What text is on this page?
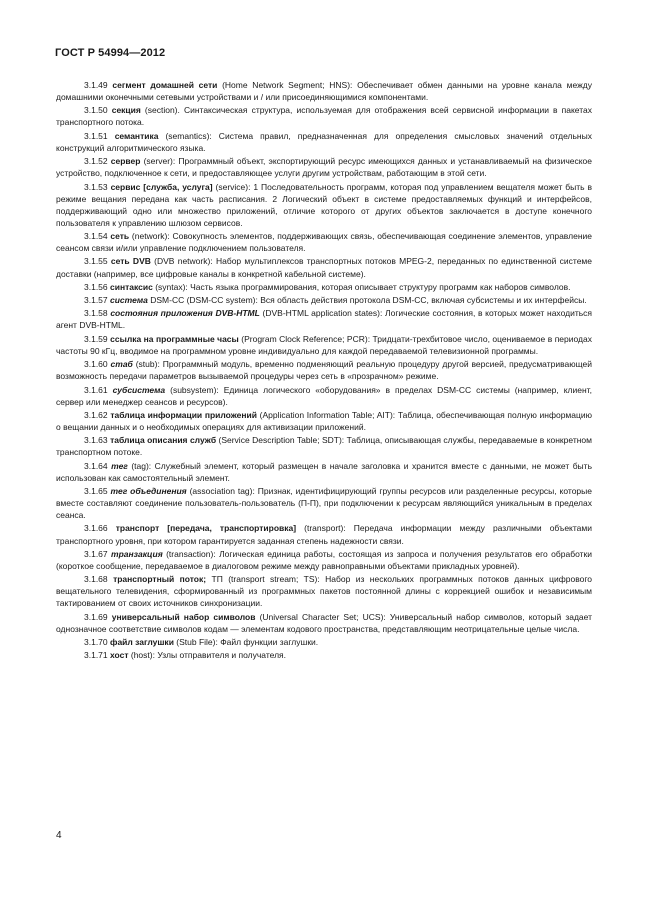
ГОСТ Р 54994—2012

3.1.49 сегмент домашней сети (Home Network Segment; HNS): Обеспечивает обмен данными на уровне канала между домашними оконечными сетевыми устройствами и / или присоединяющимися компонентами.

3.1.50 секция (section). Синтаксическая структура, используемая для отображения всей сервисной информации в пакетах транспортного потока.

3.1.51 семантика (semantics): Система правил, предназначенная для определения смысловых значений отдельных конструкций алгоритмического языка.

3.1.52 сервер (server): Программный объект, экспортирующий ресурс имеющихся данных и устанавливаемый на физическое устройство, подключенное к сети, и предоставляющее услуги другим устройствам, работающим в этой сети.

3.1.53 сервис [служба, услуга] (service): 1 Последовательность программ, которая под управлением вещателя может быть в режиме вещания передана как часть расписания. 2 Логический объект в системе предоставляемых функций и интерфейсов, поддерживающий одно или множество приложений, отличие которого от других объектов заключается в доступе конечного пользователя к управлению шлюзом сервисов.

3.1.54 сеть (network): Совокупность элементов, поддерживающих связь, обеспечивающая соединение элементов, управление сеансом связи и/или управление подключением пользователя.

3.1.55 сеть DVB (DVB network): Набор мультиплексов транспортных потоков MPEG-2, переданных по единственной системе доставки (например, все цифровые каналы в конкретной кабельной системе).

3.1.56 синтаксис (syntax): Часть языка программирования, которая описывает структуру программ как наборов символов.

3.1.57 система DSM-CC (DSM-CC system): Вся область действия протокола DSM-CC, включая субсистемы и их интерфейсы.

3.1.58 состояния приложения DVB-HTML (DVB-HTML application states): Логические состояния, в которых может находиться агент DVB-HTML.

3.1.59 ссылка на программные часы (Program Clock Reference; PCR): Тридцати-трехбитовое число, оцениваемое в периодах частоты 90 кГц, вводимое на программном уровне индивидуально для каждой передаваемой телевизионной программы.

3.1.60 стаб (stub): Программный модуль, временно подменяющий реальную процедуру другой версией, предусматривающей возможность передачи параметров вызываемой процедуры через сеть в «прозрачном» режиме.

3.1.61 субсистема (subsystem): Единица логического «оборудования» в пределах DSM-CC системы (например, клиент, сервер или менеджер сеансов и ресурсов).

3.1.62 таблица информации приложений (Application Information Table; AIT): Таблица, обеспечивающая полную информацию о вещании данных и о необходимых операциях для активизации приложений.

3.1.63 таблица описания служб (Service Description Table; SDT): Таблица, описывающая службы, передаваемые в конкретном транспортном потоке.

3.1.64 тег (tag): Служебный элемент, который размещен в начале заголовка и хранится вместе с данными, не может быть использован как самостоятельный элемент.

3.1.65 тег объединения (association tag): Признак, идентифицирующий группы ресурсов или разделенные ресурсы, которые вместе составляют соединение пользователь-пользователь (П-П), при подключении к ресурсам являющийся уникальным в пределах сеанса.

3.1.66 транспорт [передача, транспортировка] (transport): Передача информации между различными объектами транспортного уровня, при котором гарантируется заданная степень надежности связи.

3.1.67 транзакция (transaction): Логическая единица работы, состоящая из запроса и получения результатов его обработки (короткое сообщение, передаваемое в диалоговом режиме между равноправными объектами прикладных уровней).

3.1.68 транспортный поток; ТП (transport stream; TS): Набор из нескольких программных потоков данных цифрового вещательного телевидения, сформированный из программных пакетов постоянной длины с коррекцией ошибок и независимым тактированием от своих источников синхронизации.

3.1.69 универсальный набор символов (Universal Character Set; UCS): Универсальный набор символов, который задает однозначное соответствие символов кодам — элементам кодового пространства, представляющим неотрицательные целые числа.

3.1.70 файл заглушки (Stub File): Файл функции заглушки.

3.1.71 хост (host): Узлы отправителя и получателя.

4
